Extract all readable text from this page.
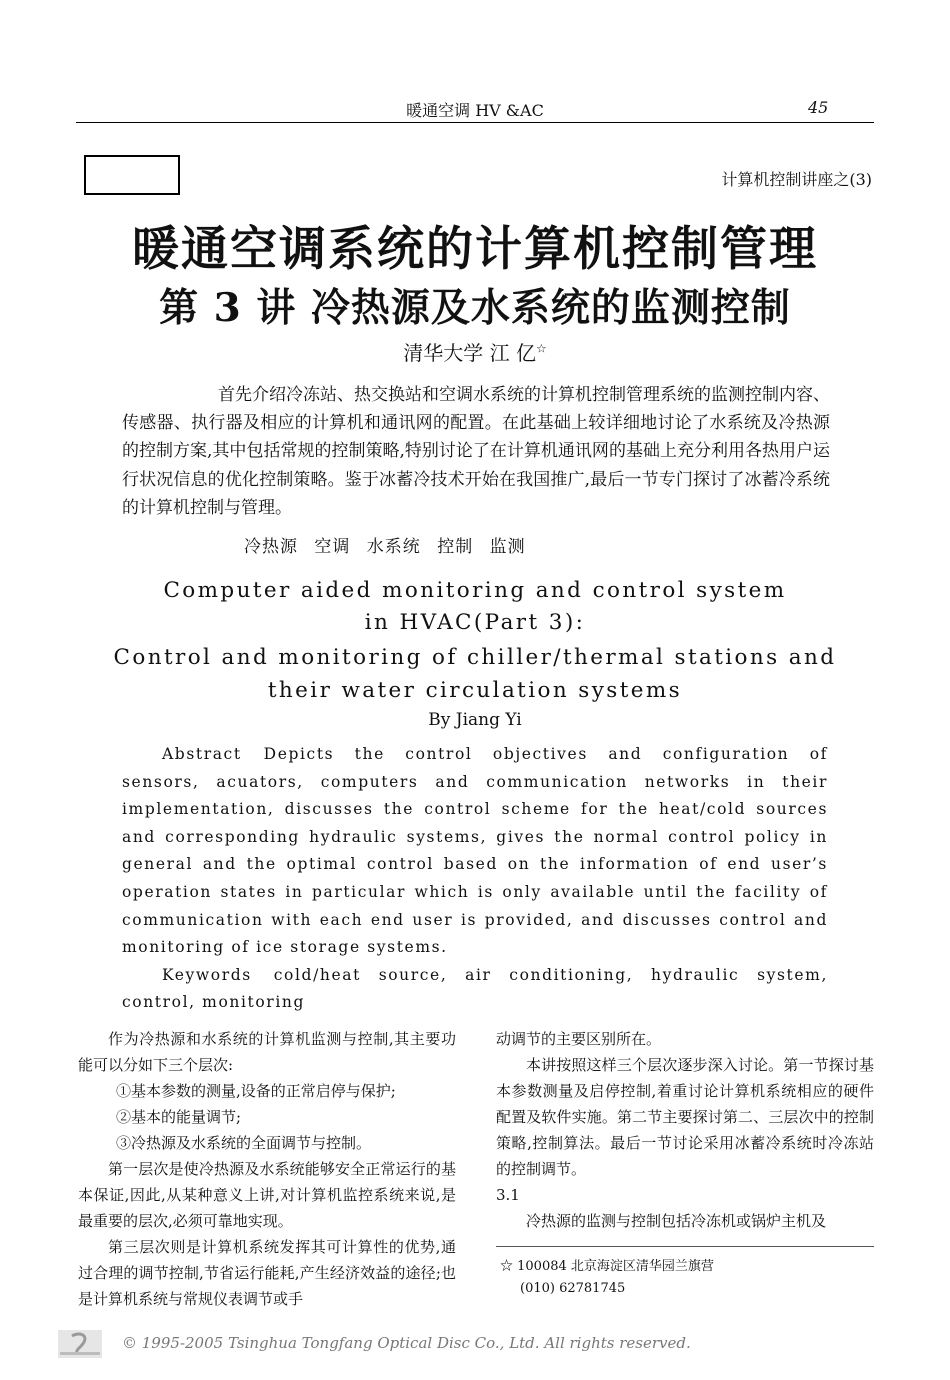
暖通空调 HV &AC	45
计算机控制讲座之(3)
暖通空调系统的计算机控制管理
第 3 讲 冷热源及水系统的监测控制
清华大学 江 亿☆
首先介绍冷冻站、热交换站和空调水系统的计算机控制管理系统的监测控制内容、传感器、执行器及相应的计算机和通讯网的配置。在此基础上较详细地讨论了水系统及冷热源的控制方案,其中包括常规的控制策略,特别讨论了在计算机通讯网的基础上充分利用各热用户运行状况信息的优化控制策略。鉴于冰蓄冷技术开始在我国推广,最后一节专门探讨了冰蓄冷系统的计算机控制与管理。
冷热源 空调 水系统 控制 监测
Computer aided monitoring and control system
in HVAC(Part 3):
Control and monitoring of chiller/thermal stations and
their water circulation systems
By Jiang Yi
Abstract Depicts the control objectives and configuration of sensors, acuators, computers and communication networks in their implementation, discusses the control scheme for the heat/cold sources and corresponding hydraulic systems, gives the normal control policy in general and the optimal control based on the information of end user’s operation states in particular which is only available until the facility of communication with each end user is provided, and discusses control and monitoring of ice storage systems.
Keywords cold/heat source, air conditioning, hydraulic system, control, monitoring

作为冷热源和水系统的计算机监测与控制,其主要功能可以分如下三个层次:

①基本参数的测量,设备的正常启停与保护;

②基本的能量调节;

③冷热源及水系统的全面调节与控制。

第一层次是使冷热源及水系统能够安全正常运行的基本保证,因此,从某种意义上讲,对计算机监控系统来说,是最重要的层次,必须可靠地实现。

第三层次则是计算机系统发挥其可计算性的优势,通过合理的调节控制,节省运行能耗,产生经济效益的途径;也是计算机系统与常规仪表调节或手

动调节的主要区别所在。

本讲按照这样三个层次逐步深入讨论。第一节探讨基本参数测量及启停控制,着重讨论计算机系统相应的硬件配置及软件实施。第二节主要探讨第二、三层次中的控制策略,控制算法。最后一节讨论采用冰蓄冷系统时冷冻站的控制调节。

3.1

冷热源的监测与控制包括冷冻机或锅炉主机及

☆ 100084 北京海淀区清华园兰旗营
(010) 62781745
© 1995-2005 Tsinghua Tongfang Optical Disc Co., Ltd. All rights reserved.
